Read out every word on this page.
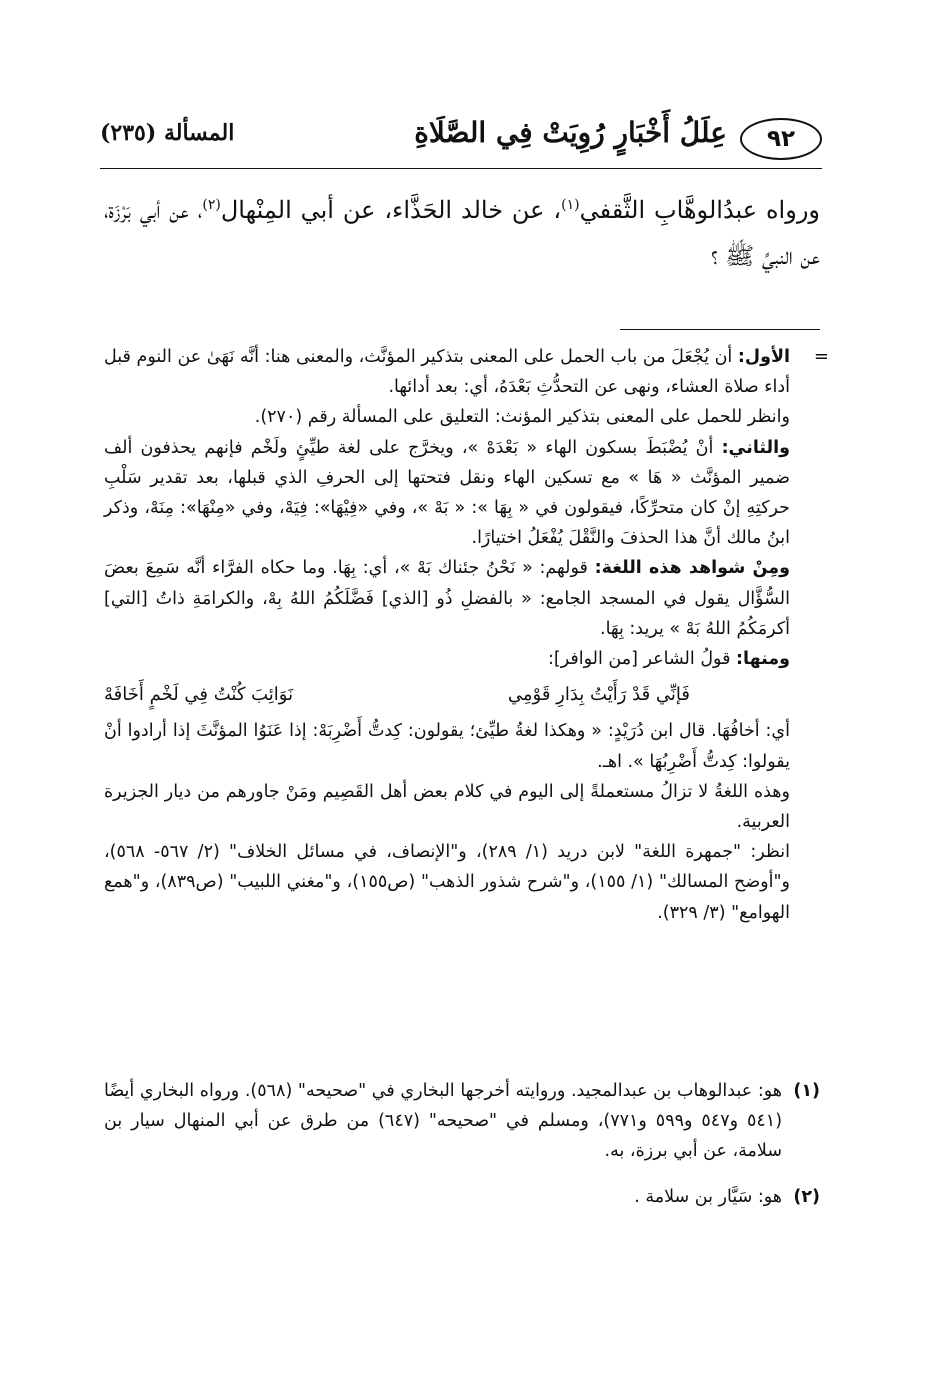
٩٢
عِلَلُ أَخْبَارٍ رُوِيَتْ فِي الصَّلَاةِ
المسألة (٢٣٥)
ورواه عبدُالوهَّابِ الثَّقفي$^{(١)}$، عن خالد الحَذَّاء، عن أبي المِنْهال$^{(٢)}$، عن أبي بَرْزَة، عن النبيِّ ﷺ ؟
=

الأول: أن يُجْعَلَ من باب الحمل على المعنى بتذكير المؤنَّث، والمعنى هنا: أنَّه نَهَىٰ عن النوم قبل أداء صلاة العشاء، ونهى عن التحدُّثِ بَعْدَهُ، أي: بعد أدائها.

وانظر للحمل على المعنى بتذكير المؤنث: التعليق على المسألة رقم (٢٧٠).

والثاني: أنْ يُضْبَطَ بسكون الهاء « بَعْدَهْ »، ويخرَّج على لغة طيِّئٍ ولَخْم فإنهم يحذفون ألف ضمير المؤنَّث « هَا » مع تسكين الهاء ونقل فتحتها إلى الحرفِ الذي قبلها، بعد تقدير سَلْبِ حركتِهِ إنْ كان متحرِّكًا، فيقولون في « بِهَا »: « بَهْ »، وفي «فِيْهَا»: فِيَهْ، وفي «مِنْهَا»: مِنَهْ، وذكر ابنُ مالك أنَّ هذا الحذفَ والنَّقْلَ يُفْعَلُ اختيارًا.

ومِنْ شواهد هذه اللغة: قولهم: « نَحْنُ جئناك بَهْ »، أي: بِهَا. وما حكاه الفرَّاء أنَّه سَمِعَ بعضَ السُّؤَّال يقول في المسجد الجامع: « بالفضلِ ذُو [الذي] فَضَّلَكُمُ اللهُ بِهْ، والكرامَةِ ذاتُ [التي] أكرمَكُمُ اللهُ بَهْ » يريد: بِهَا.

ومنها: قولُ الشاعر [من الوافر]:

فَإنِّي قَدْ رَأَيْتُ بِدَارِ قَوْمِي
نَوَائِبَ كُنْتُ فِي لَخْمٍ أَخَافَهْ

أي: أخافُهَا. قال ابن دُرَيْدٍ: « وهكذا لغةُ طيِّئ؛ يقولون: كِدتُّ أَضْرِبَهْ: إذا عَنَوُا المؤنَّثَ إذا أرادوا أنْ يقولوا: كِدتُّ أَضْرِبُهَا ». اهـ.

وهذه اللغةُ لا تزالُ مستعملةً إلى اليوم في كلام بعض أهل القَصِيم ومَنْ جاورهم من ديار الجزيرة العربية.

انظر: "جمهرة اللغة" لابن دريد (١/ ٢٨٩)، و"الإنصاف، في مسائل الخلاف" (٢/ ٥٦٧- ٥٦٨)، و"أوضح المسالك" (١/ ١٥٥)، و"شرح شذور الذهب" (ص١٥٥)، و"مغني اللبيب" (ص٨٣٩)، و"همع الهوامع" (٣/ ٣٢٩).

(١)
هو: عبدالوهاب بن عبدالمجيد. وروايته أخرجها البخاري في "صحيحه" (٥٦٨). ورواه البخاري أيضًا (٥٤١ و٥٤٧ و٥٩٩ و٧٧١)، ومسلم في "صحيحه" (٦٤٧) من طرق عن أبي المنهال سيار بن سلامة، عن أبي برزة، به.
(٢)
هو: سَيَّار بن سلامة .
